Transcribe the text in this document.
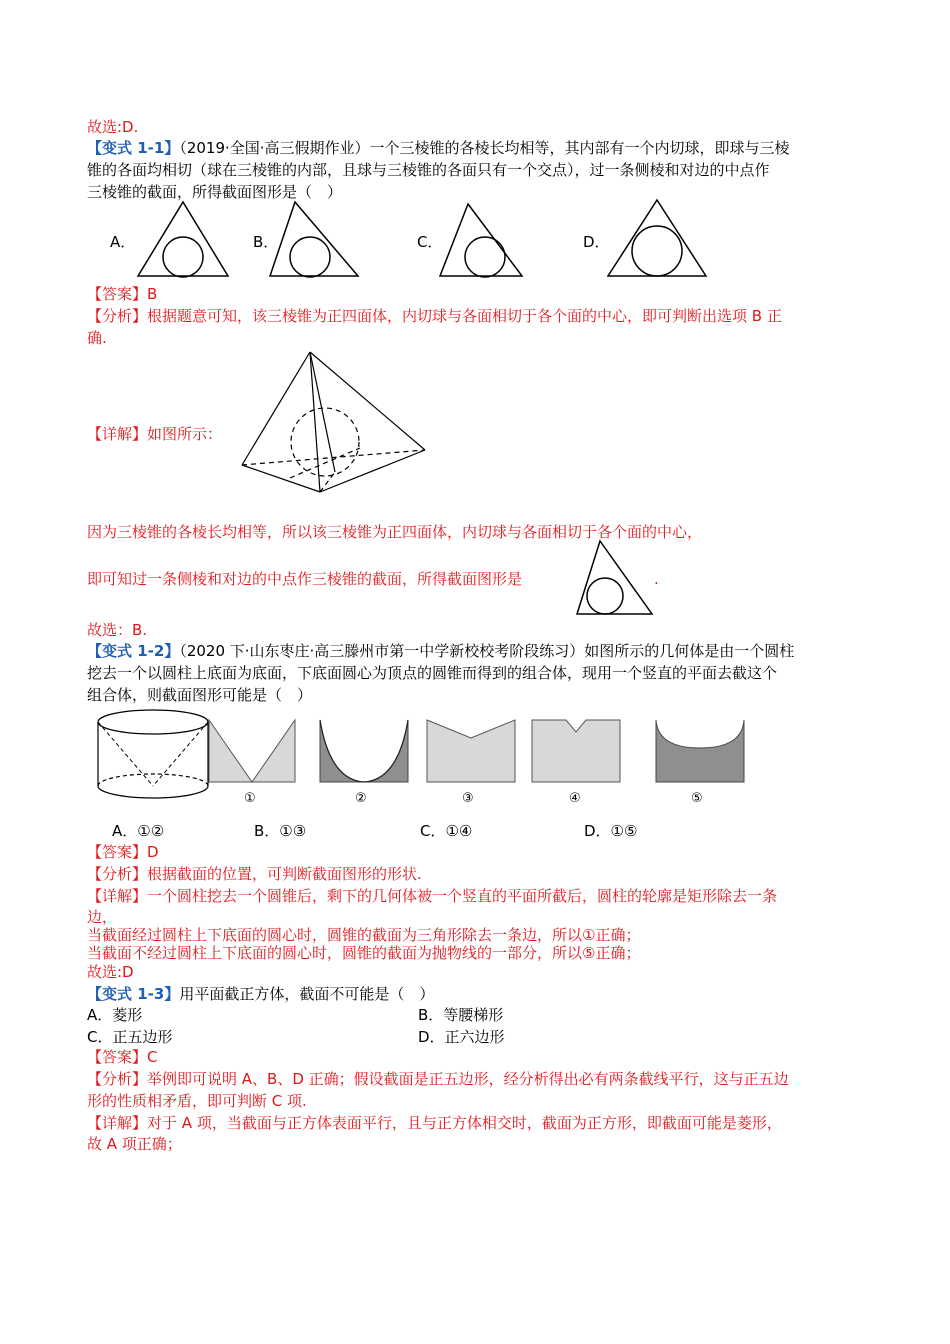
故选:D.
【变式 1-1】（2019·全国·高三假期作业）一个三棱锥的各棱长均相等，其内部有一个内切球，即球与三棱
锥的各面均相切（球在三棱锥的内部，且球与三棱锥的各面只有一个交点），过一条侧棱和对边的中点作
三棱锥的截面，所得截面图形是（　）
A．	B．	C．	D．
【答案】B
【分析】根据题意可知，该三棱锥为正四面体，内切球与各面相切于各个面的中心，即可判断出选项 B 正
确.
【详解】如图所示：
因为三棱锥的各棱长均相等，所以该三棱锥为正四面体，内切球与各面相切于各个面的中心，
即可知过一条侧棱和对边的中点作三棱锥的截面，所得截面图形是	.
故选：B.
【变式 1-2】（2020 下·山东枣庄·高三滕州市第一中学新校校考阶段练习）如图所示的几何体是由一个圆柱
挖去一个以圆柱上底面为底面，下底面圆心为顶点的圆锥而得到的组合体，现用一个竖直的平面去截这个
组合体，则截面图形可能是（　）
①	②	③	④	⑤
A．①②	B．①③	C．①④	D．①⑤
【答案】D
【分析】根据截面的位置，可判断截面图形的形状.
【详解】一个圆柱挖去一个圆锥后，剩下的几何体被一个竖直的平面所截后，圆柱的轮廓是矩形除去一条
边，
当截面经过圆柱上下底面的圆心时，圆锥的截面为三角形除去一条边，所以①正确；
当截面不经过圆柱上下底面的圆心时，圆锥的截面为抛物线的一部分，所以⑤正确；
故选:D
【变式 1-3】用平面截正方体，截面不可能是（　）
A．菱形	B．等腰梯形
C．正五边形	D．正六边形
【答案】C
【分析】举例即可说明 A、B、D 正确；假设截面是正五边形，经分析得出必有两条截线平行，这与正五边
形的性质相矛盾，即可判断 C 项.
【详解】对于 A 项，当截面与正方体表面平行，且与正方体相交时，截面为正方形，即截面可能是菱形，
故 A 项正确；
